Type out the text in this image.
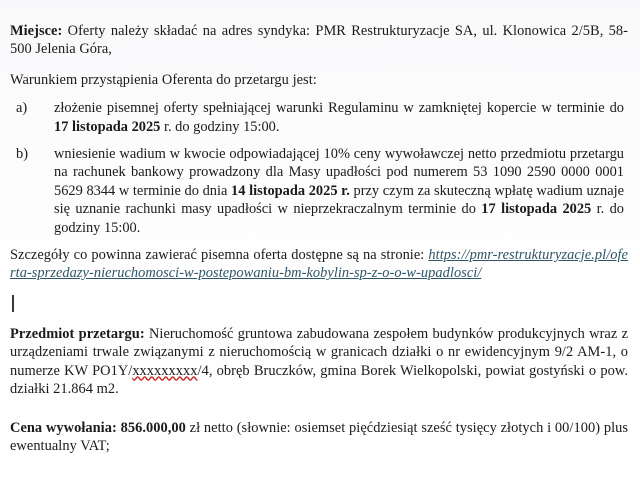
Miejsce: Oferty należy składać na adres syndyka: PMR Restrukturyzacje SA, ul. Klonowica 2/5B, 58-500 Jelenia Góra,

Warunkiem przystąpienia Oferenta do przetargu jest:

a)	złożenie pisemnej oferty spełniającej warunki Regulaminu w zamkniętej kopercie w terminie do 17 listopada 2025 r. do godziny 15:00.
b)	wniesienie wadium w kwocie odpowiadającej 10% ceny wywoławczej netto przedmiotu przetargu na rachunek bankowy prowadzony dla Masy upadłości pod numerem 53 1090 2590 0000 0001 5629 8344 w terminie do dnia 14 listopada 2025 r. przy czym za skuteczną wpłatę wadium uznaje się uznanie rachunki masy upadłości w nieprzekraczalnym terminie do 17 listopada 2025 r. do godziny 15:00.

Szczegóły co powinna zawierać pisemna oferta dostępne są na stronie: https://pmr-restrukturyzacje.pl/oferta-sprzedazy-nieruchomosci-w-postepowaniu-bm-kobylin-sp-z-o-o-w-upadlosci/

Przedmiot przetargu: Nieruchomość gruntowa zabudowana zespołem budynków produkcyjnych wraz z urządzeniami trwale związanymi z nieruchomością w granicach działki o nr ewidencyjnym 9/2 AM-1, o numerze KW PO1Y/xxxxxxxxx/4, obręb Bruczków, gmina Borek Wielkopolski, powiat gostyński o pow. działki 21.864 m2.

Cena wywołania: 856.000,00 zł netto (słownie: osiemset pięćdziesiąt sześć tysięcy złotych i 00/100) plus ewentualny VAT;
